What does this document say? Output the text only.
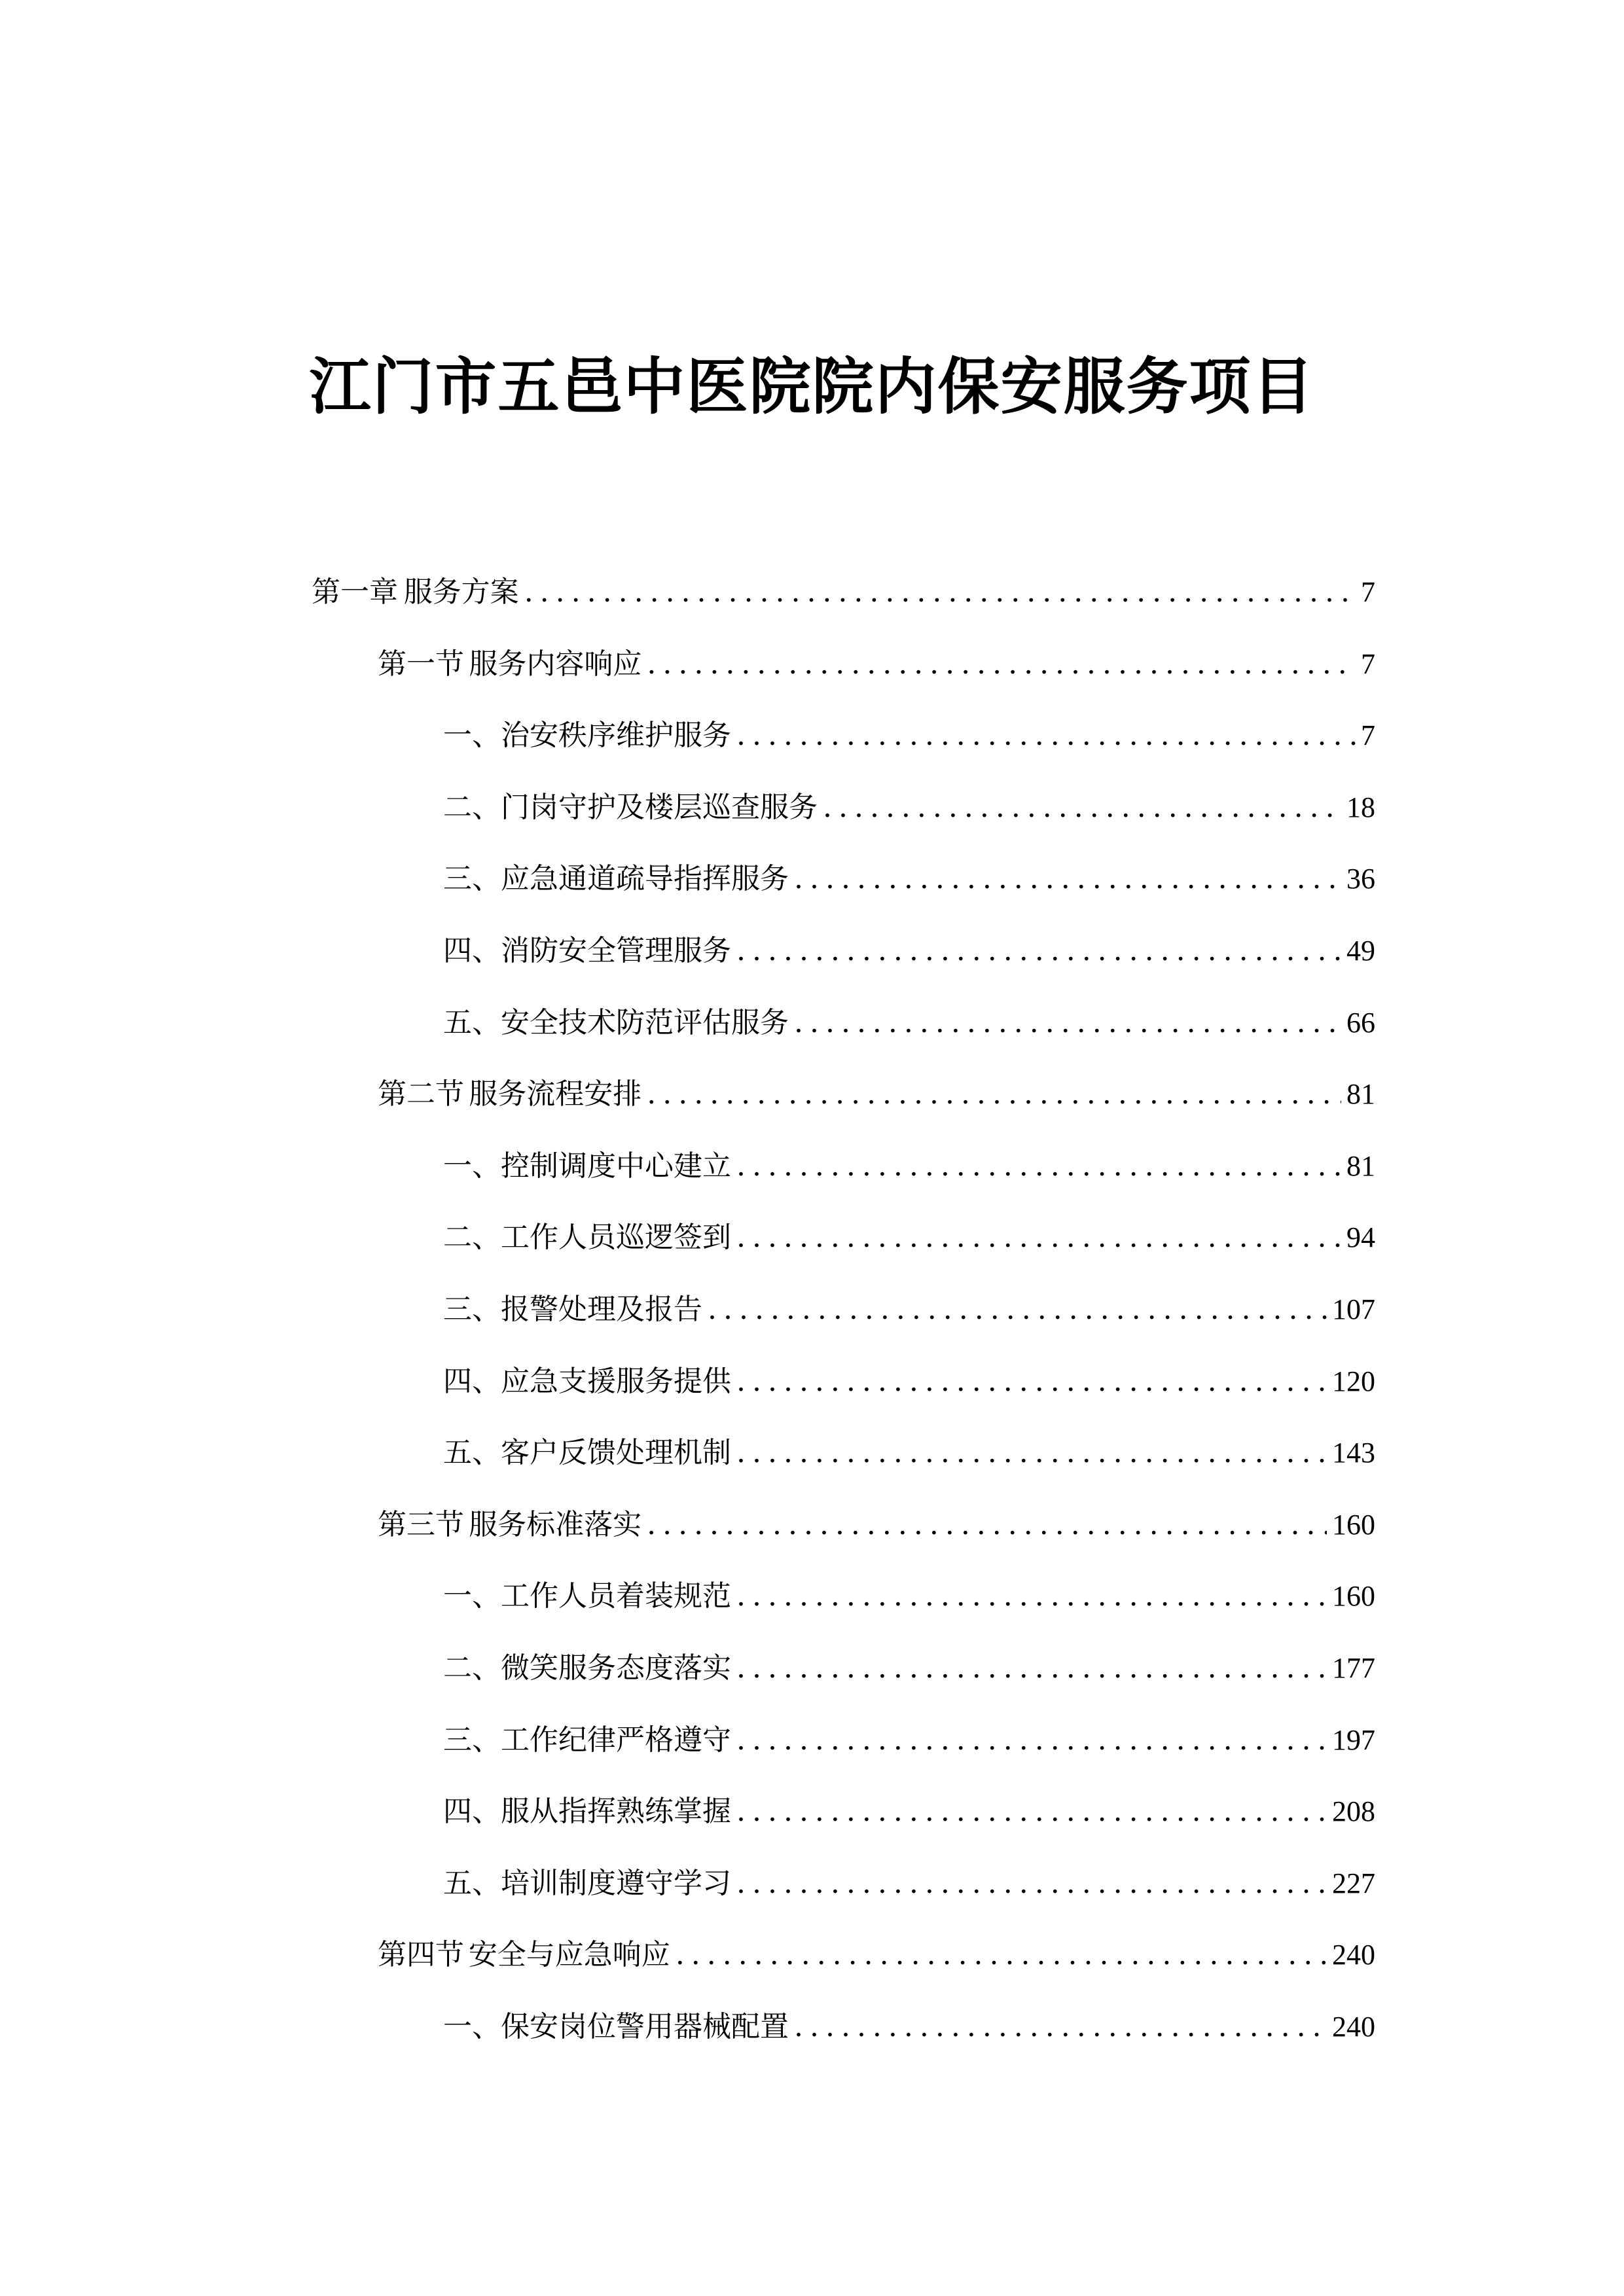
江门市五邑中医院院内保安服务项目
第一章 服务方案 .....	7
第一节 服务内容响应 .....	7
一、 治安秩序维护服务 .....	7
二、 门岗守护及楼层巡查服务 .....	18
三、 应急通道疏导指挥服务 .....	36
四、 消防安全管理服务 .....	49
五、 安全技术防范评估服务 .....	66
第二节 服务流程安排 .....	81
一、 控制调度中心建立 .....	81
二、 工作人员巡逻签到 .....	94
三、 报警处理及报告 .....	107
四、 应急支援服务提供 .....	120
五、 客户反馈处理机制 .....	143
第三节 服务标准落实 .....	160
一、 工作人员着装规范 .....	160
二、 微笑服务态度落实 .....	177
三、 工作纪律严格遵守 .....	197
四、 服从指挥熟练掌握 .....	208
五、 培训制度遵守学习 .....	227
第四节 安全与应急响应 .....	240
一、 保安岗位警用器械配置 .....	240
